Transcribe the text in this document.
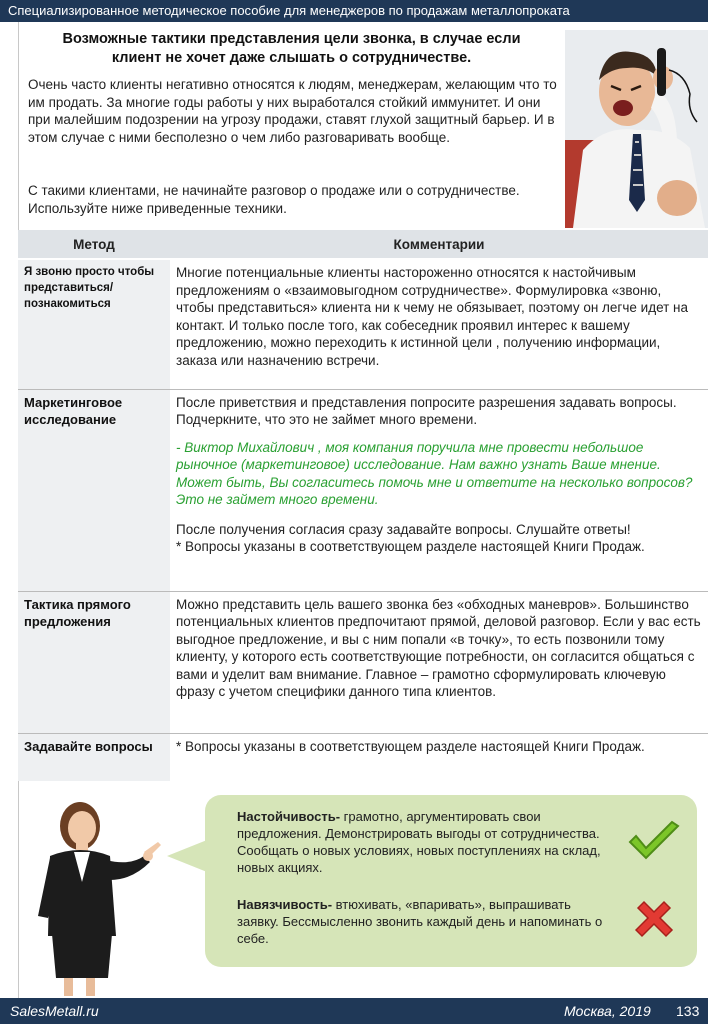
Специализированное методическое пособие для менеджеров по продажам металлопроката
Возможные тактики представления цели звонка, в случае если
клиент не хочет даже слышать о сотрудничестве.
Очень часто клиенты негативно относятся к людям, менеджерам, желающим что то им продать. За многие годы работы у них выработался стойкий иммунитет. И они при малейшим подозрении на угрозу продажи, ставят глухой защитный барьер. И в этом случае с ними бесполезно о чем либо разговаривать вообще.
С такими клиентами, не начинайте разговор о продаже или о сотрудничестве. Используйте ниже приведенные техники.
Метод	Комментарии
Я звоню просто чтобы представиться/ познакомиться	Многие потенциальные клиенты настороженно относятся к настойчивым предложениям о «взаимовыгодном сотрудничестве». Формулировка «звоню, чтобы представиться» клиента ни к чему не обязывает, поэтому он легче идет на контакт. И только после того, как собеседник проявил интерес к вашему предложению, можно переходить к истинной цели , получению информации, заказа или назначению встречи.
Маркетинговое исследование	После приветствия и представления попросите разрешения задавать вопросы. Подчеркните, что это не займет много времени.
- Виктор Михайлович , моя компания поручила мне провести небольшое рыночное (маркетинговое) исследование. Нам важно узнать Ваше мнение. Может быть, Вы согласитесь помочь мне и ответите на несколько вопросов? Это не займет много времени.
После получения согласия сразу задавайте вопросы. Слушайте ответы!
* Вопросы указаны в соответствующем разделе настоящей Книги Продаж.

Тактика прямого предложения	Можно представить цель вашего звонка без «обходных маневров». Большинство потенциальных клиентов предпочитают прямой, деловой разговор. Если у вас есть выгодное предложение, и вы с ним попали «в точку», то есть позвонили тому клиенту, у которого есть соответствующие потребности, он согласится общаться с вами и уделит вам внимание. Главное – грамотно сформулировать ключевую фразу с учетом специфики данного типа клиентов.
Задавайте вопросы	* Вопросы указаны в соответствующем разделе настоящей Книги Продаж.
Настойчивость- грамотно, аргументировать свои предложения. Демонстрировать выгоды от сотрудничества. Сообщать о новых условиях, новых поступлениях на склад, новых акциях.
Навязчивость- втюхивать, «впаривать», выпрашивать заявку. Бессмысленно звонить каждый день и напоминать о себе.
SalesMetall.ru	Москва, 2019 133
